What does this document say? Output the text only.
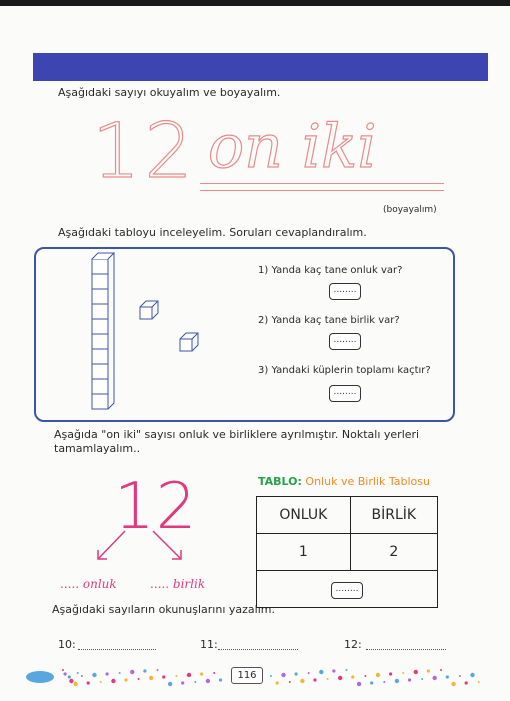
Aşağıdaki sayıyı okuyalım ve boyayalım.
12 on iki
(boyayalım)
Aşağıdaki tabloyu inceleyelim. Soruları cevaplandıralım.
1) Yanda kaç tane onluk var?
........
2) Yanda kaç tane birlik var?
........
3) Yandaki küplerin toplamı kaçtır?
........
Aşağıda "on iki" sayısı onluk ve birliklere ayrılmıştır. Noktalı yerleri tamamlayalım..
12
..... onluk	..... birlik
TABLO: Onluk ve Birlik Tablosu
ONLUK	BİRLİK
1	2
........	
Aşağıdaki sayıların okunuşlarını yazalım.
10:	11:	12:
116
